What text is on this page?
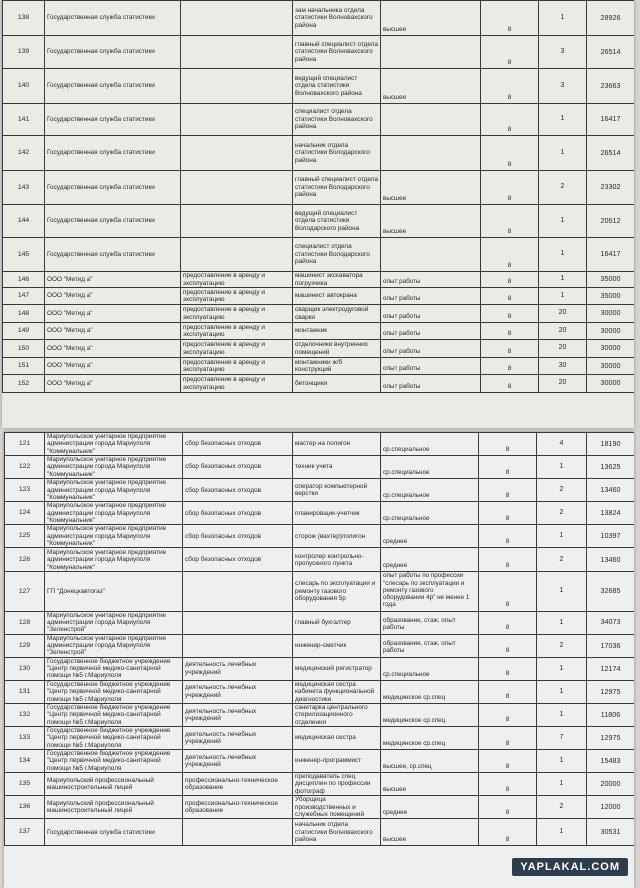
138	Государственная служба статистики		зам начальника отдела статистики Волновахского района	высшее	8	1	28926
139	Государственная служба статистики		главный специалист отдела статистики Волновахского района		8	3	26514
140	Государственная служба статистики		ведущий специалист отдела статистики Волновахского района	высшее	8	3	23663
141	Государственная служба статистики		специалист отдела статистики Волновахского района		8	1	16417
142	Государственная служба статистики		начальник отдела статистики Володарского района		8	1	26514
143	Государственная служба статистики		главный специалист отдела статистики Володарского района	высшее	8	2	23302
144	Государственная служба статистики		ведущий специалист отдела статистики Володарского района	высшее	8	1	20612
145	Государственная служба статистики		специалист отдела статистики Володарского района		8	1	16417
146	ООО "Метид а"	предоставление в аренду и эксплуатацию	машинист экскаватора погрузчика	опыт работы	8	1	35000
147	ООО "Метид а"	предоставление в аренду и эксплуатацию	машинист автокрана	опыт работы	8	1	35000
148	ООО "Метид а"	предоставление в аренду и эксплуатацию	сварщик электродуговой сварки	опыт работы	8	20	30000
149	ООО "Метид а"	предоставление в аренду и эксплуатацию	монтажник	опыт работы	8	20	30000
150	ООО "Метид а"	предоставление в аренду и эксплуатацию	отделочники внутренних помещений	опыт работы	8	20	30000
151	ООО "Метид а"	предоставление в аренду и эксплуатацию	монтажники ж/б конструкций	опыт работы	8	30	30000
152	ООО "Метид а"	предоставление в аренду и эксплуатацию	бетонщики	опыт работы	8	20	30000
121	Мариупольское унитарное предприятие администрации города Мариуполя "Коммунальник"	сбор безопасных отходов	мастер на полигон	ср.специальное	8	4	18190
122	Мариупольское унитарное предприятие администрации города Мариуполя "Коммунальник"	сбор безопасных отходов	техник учета	ср.специальное	8	1	13625
123	Мариупольское унитарное предприятие администрации города Мариуполя "Коммунальник"	сбор безопасных отходов	оператор компьютерной верстки	ср.специальное	8	2	13460
124	Мариупольское унитарное предприятие администрации города Мариуполя "Коммунальник"	сбор безопасных отходов	планировщик-учетчик	ср.специальное	8	2	13824
125	Мариупольское унитарное предприятие администрации города Мариуполя "Коммунальник"	сбор безопасных отходов	сторож (вахтер)полигон	среднее	8	1	10397
126	Мариупольское унитарное предприятие администрации города Мариуполя "Коммунальник"	сбор безопасных отходов	контролер контрольно-пропускного пункта	среднее	8	2	13460
127	ГП "Донецкавтогаз"		слесарь по эксплуатации и ремонту газового оборудования 5р	опыт работы по профессии "слесарь по эксплуатации и ремонту газового оборудования 4р" не менее 1 года	8	1	32685
128	Мариупольское унитарное предприятие администрации города Мариуполя "Зеленстрой"		главный бухгалтер	образование, стаж, опыт работы	8	1	34073
129	Мариупольское унитарное предприятие администрации города Мариуполя "Зеленстрой"		инженер-сметчик	образование, стаж, опыт работы	8	2	17036
130	Государственное бюджетное учреждение "Центр первичной медико-санитарной помощи №5 г.Мариуполя	деятельность лечебных учреждений	медицинский регистратор	ср.специальное	8	1	12174
131	Государственное бюджетное учреждение "Центр первичной медико-санитарной помощи №5 г.Мариуполя	деятельность лечебных учреждений	медицинская сестра кабинета функциональной диагностики	медицинское ср.спец	8	1	12975
132	Государственное бюджетное учреждение "Центр первичной медико-санитарной помощи №5 г.Мариуполя	деятельность лечебных учреждений	санитарка центрального стерилизационного отделения	медицинское ср.спец	8	1	11806
133	Государственное бюджетное учреждение "Центр первичной медико-санитарной помощи №5 г.Мариуполя	деятельность лечебных учреждений	медицинская сестра	медицинское ср.спец	8	7	12975
134	Государственное бюджетное учреждение "Центр первичной медико-санитарной помощи №5 г.Мариуполя	деятельность лечебных учреждений	инженер-программист	высшее, ср.спец	8	1	15483
135	Мариупольский профессиональный машиностроительный лицей	профессионально-техническое образование	преподаватель спец дисциплин по профессии фотограф	высшее	8	1	20000
136	Мариупольский профессиональный машиностроительный лицей	профессионально-техническое образование	Уборщица производственных и служебных помещений	среднее	8	2	12000
137	Государственная служба статистики		начальник отдела статистики Волновахского района	высшее	8	1	30531
YAPLAKAL.COM
